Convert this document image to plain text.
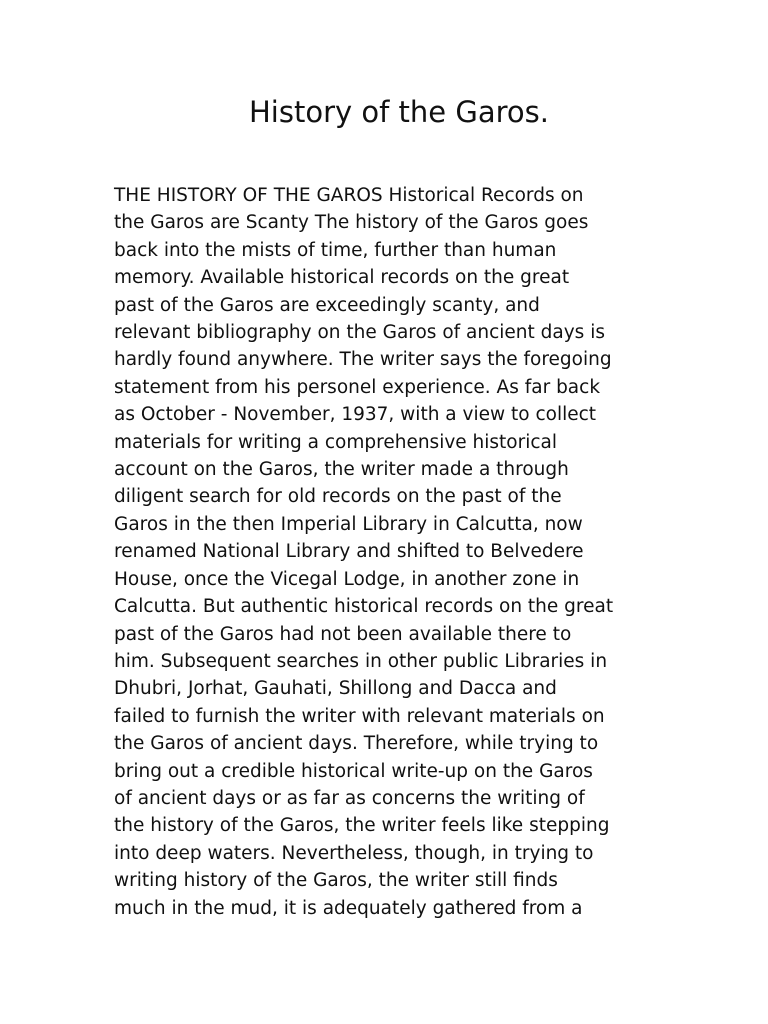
History of the Garos.
THE HISTORY OF THE GAROS Historical Records on
the Garos are Scanty The history of the Garos goes
back into the mists of time, further than human
memory. Available historical records on the great
past of the Garos are exceedingly scanty, and
relevant bibliography on the Garos of ancient days is
hardly found anywhere. The writer says the foregoing
statement from his personel experience. As far back
as October - November, 1937, with a view to collect
materials for writing a comprehensive historical
account on the Garos, the writer made a through
diligent search for old records on the past of the
Garos in the then Imperial Library in Calcutta, now
renamed National Library and shifted to Belvedere
House, once the Vicegal Lodge, in another zone in
Calcutta. But authentic historical records on the great
past of the Garos had not been available there to
him. Subsequent searches in other public Libraries in
Dhubri, Jorhat, Gauhati, Shillong and Dacca and
failed to furnish the writer with relevant materials on
the Garos of ancient days. Therefore, while trying to
bring out a credible historical write-up on the Garos
of ancient days or as far as concerns the writing of
the history of the Garos, the writer feels like stepping
into deep waters. Nevertheless, though, in trying to
writing history of the Garos, the writer still finds
much in the mud, it is adequately gathered from a
